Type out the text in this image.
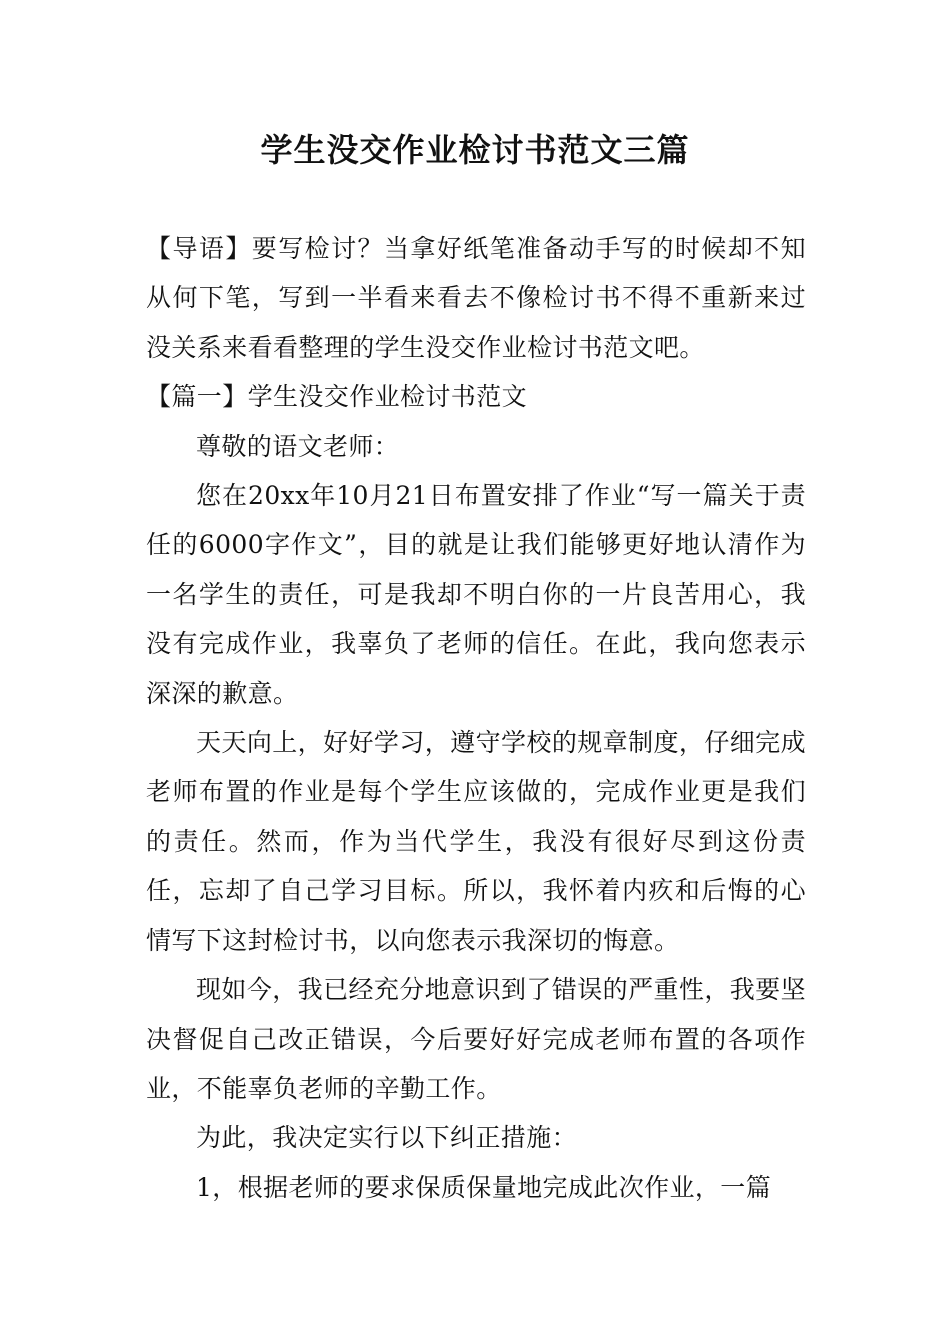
学生没交作业检讨书范文三篇

【导语】要写检讨？当拿好纸笔准备动手写的时候却不知从何下笔，写到一半看来看去不像检讨书不得不重新来过没关系来看看整理的学生没交作业检讨书范文吧。

【篇一】学生没交作业检讨书范文

尊敬的语文老师：

您在20xx年10月21日布置安排了作业“写一篇关于责任的6000字作文”，目的就是让我们能够更好地认清作为一名学生的责任，可是我却不明白你的一片良苦用心，我没有完成作业，我辜负了老师的信任。在此，我向您表示深深的歉意。

天天向上，好好学习，遵守学校的规章制度，仔细完成老师布置的作业是每个学生应该做的，完成作业更是我们的责任。然而，作为当代学生，我没有很好尽到这份责任，忘却了自己学习目标。所以，我怀着内疚和后悔的心情写下这封检讨书，以向您表示我深切的悔意。

现如今，我已经充分地意识到了错误的严重性，我要坚决督促自己改正错误，今后要好好完成老师布置的各项作业，不能辜负老师的辛勤工作。

为此，我决定实行以下纠正措施：

1，根据老师的要求保质保量地完成此次作业，一篇
